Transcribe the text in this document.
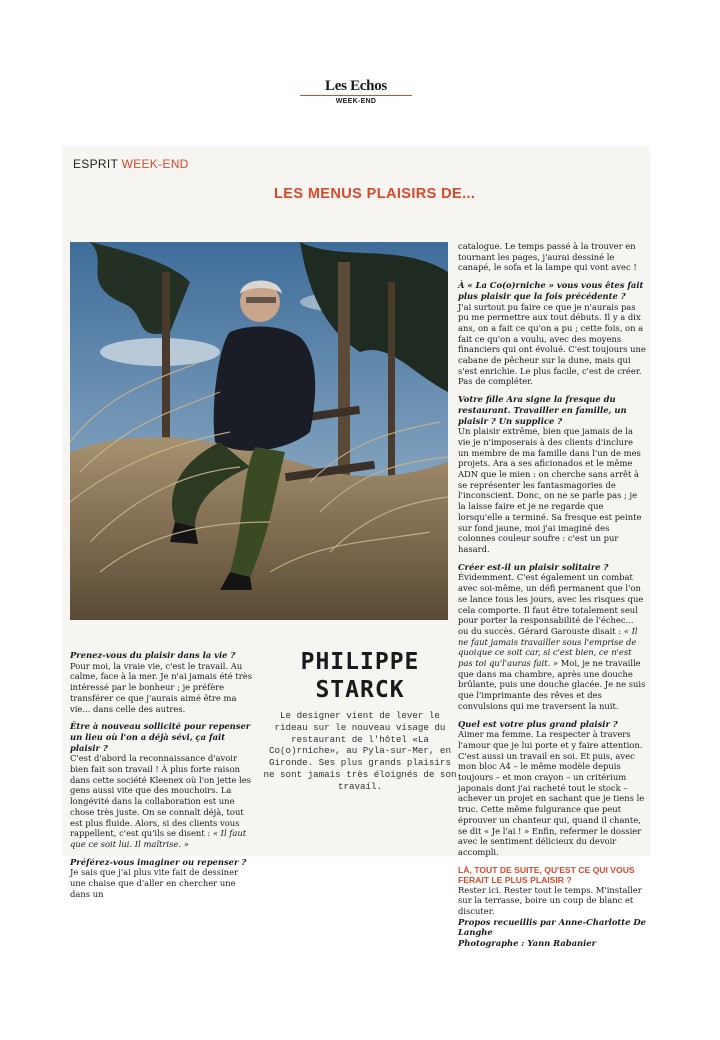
Les Echos
WEEK-END
ESPRIT WEEK-END
LES MENUS PLAISIRS DE...
PHILIPPE
STARCK
Le designer vient de lever le rideau sur le nouveau visage du restaurant de l'hôtel «La Co(o)rniche», au Pyla-sur-Mer, en Gironde. Ses plus grands plaisirs ne sont jamais très éloignés de son travail.

Prenez-vous du plaisir dans la vie ?
Pour moi, la vraie vie, c'est le travail. Au calme, face à la mer. Je n'ai jamais été très intéressé par le bonheur ; je préfère transférer ce que j'aurais aimé être ma vie... dans celle des autres.

Être à nouveau sollicité pour repenser un lieu où l'on a déjà sévi, ça fait plaisir ?
C'est d'abord la reconnaissance d'avoir bien fait son travail ! À plus forte raison dans cette société Kleenex où l'on jette les gens aussi vite que des mouchoirs. La longévité dans la collaboration est une chose très juste. On se connaît déjà, tout est plus fluide. Alors, si des clients vous rappellent, c'est qu'ils se disent : « Il faut que ce soit lui. Il maîtrise. »

Préférez-vous imaginer ou repenser ?
Je sais que j'ai plus vite fait de dessiner une chaise que d'aller en chercher une dans un

catalogue. Le temps passé à la trouver en tournant les pages, j'aurai dessiné le canapé, le sofa et la lampe qui vont avec !

À « La Co(o)rniche » vous vous êtes fait plus plaisir que la fois précédente ?
J'ai surtout pu faire ce que je n'aurais pas pu me permettre aux tout débuts. Il y a dix ans, on a fait ce qu'on a pu ; cette fois, on a fait ce qu'on a voulu, avec des moyens financiers qui ont évolué. C'est toujours une cabane de pêcheur sur la dune, mais qui s'est enrichie. Le plus facile, c'est de créer. Pas de compléter.

Votre fille Ara signe la fresque du restaurant. Travailler en famille, un plaisir ? Un supplice ?
Un plaisir extrême, bien que jamais de la vie je n'imposerais à des clients d'inclure un membre de ma famille dans l'un de mes projets. Ara a ses aficionados et le même ADN que le mien : on cherche sans arrêt à se représenter les fantasmagories de l'inconscient. Donc, on ne se parle pas ; je la laisse faire et je ne regarde que lorsqu'elle a terminé. Sa fresque est peinte sur fond jaune, moi j'ai imaginé des colonnes couleur soufre : c'est un pur hasard.

Créer est-il un plaisir solitaire ?
Évidemment. C'est également un combat avec soi-même, un défi permanent que l'on se lance tous les jours, avec les risques que cela comporte. Il faut être totalement seul pour porter la responsabilité de l'échec... ou du succès. Gérard Garouste disait : « Il ne faut jamais travailler sous l'emprise de quoique ce soit car, si c'est bien, ce n'est pas toi qu'l'auras fait. » Moi, je ne travaille que dans ma chambre, après une douche brûlante, puis une douche glacée. Je ne suis que l'imprimante des rêves et des convulsions qui me traversent la nuit.

Quel est votre plus grand plaisir ?
Aimer ma femme. La respecter à travers l'amour que je lui porte et y faire attention. C'est aussi un travail en soi. Et puis, avec mon bloc A4 – le même modèle depuis toujours – et mon crayon – un critérium japonais dont j'ai racheté tout le stock – achever un projet en sachant que je tiens le truc. Cette même fulgurance que peut éprouver un chanteur qui, quand il chante, se dit « Je l'ai ! » Enfin, refermer le dossier avec le sentiment délicieux du devoir accompli.

LÀ, TOUT DE SUITE, QU'EST CE QUI VOUS FERAIT LE PLUS PLAISIR ?
Rester ici. Rester tout le temps. M'installer sur la terrasse, boire un coup de blanc et discuter.
Propos recueillis par Anne-Charlotte De Langhe
Photographe : Yann Rabanier
